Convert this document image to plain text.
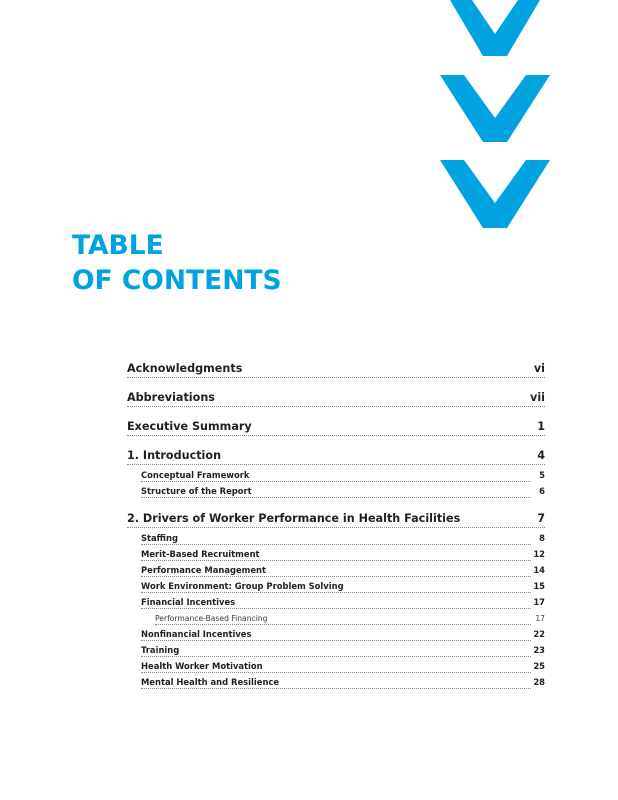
TABLE
OF CONTENTS
Acknowledgments	vi
Abbreviations	vii
Executive Summary	1
1. Introduction	4
Conceptual Framework	5
Structure of the Report	6
2. Drivers of Worker Performance in Health Facilities	7
Staffing	8
Merit-Based Recruitment	12
Performance Management	14
Work Environment: Group Problem Solving	15
Financial Incentives	17
Performance-Based Financing	17
Nonfinancial Incentives	22
Training	23
Health Worker Motivation	25
Mental Health and Resilience	28
